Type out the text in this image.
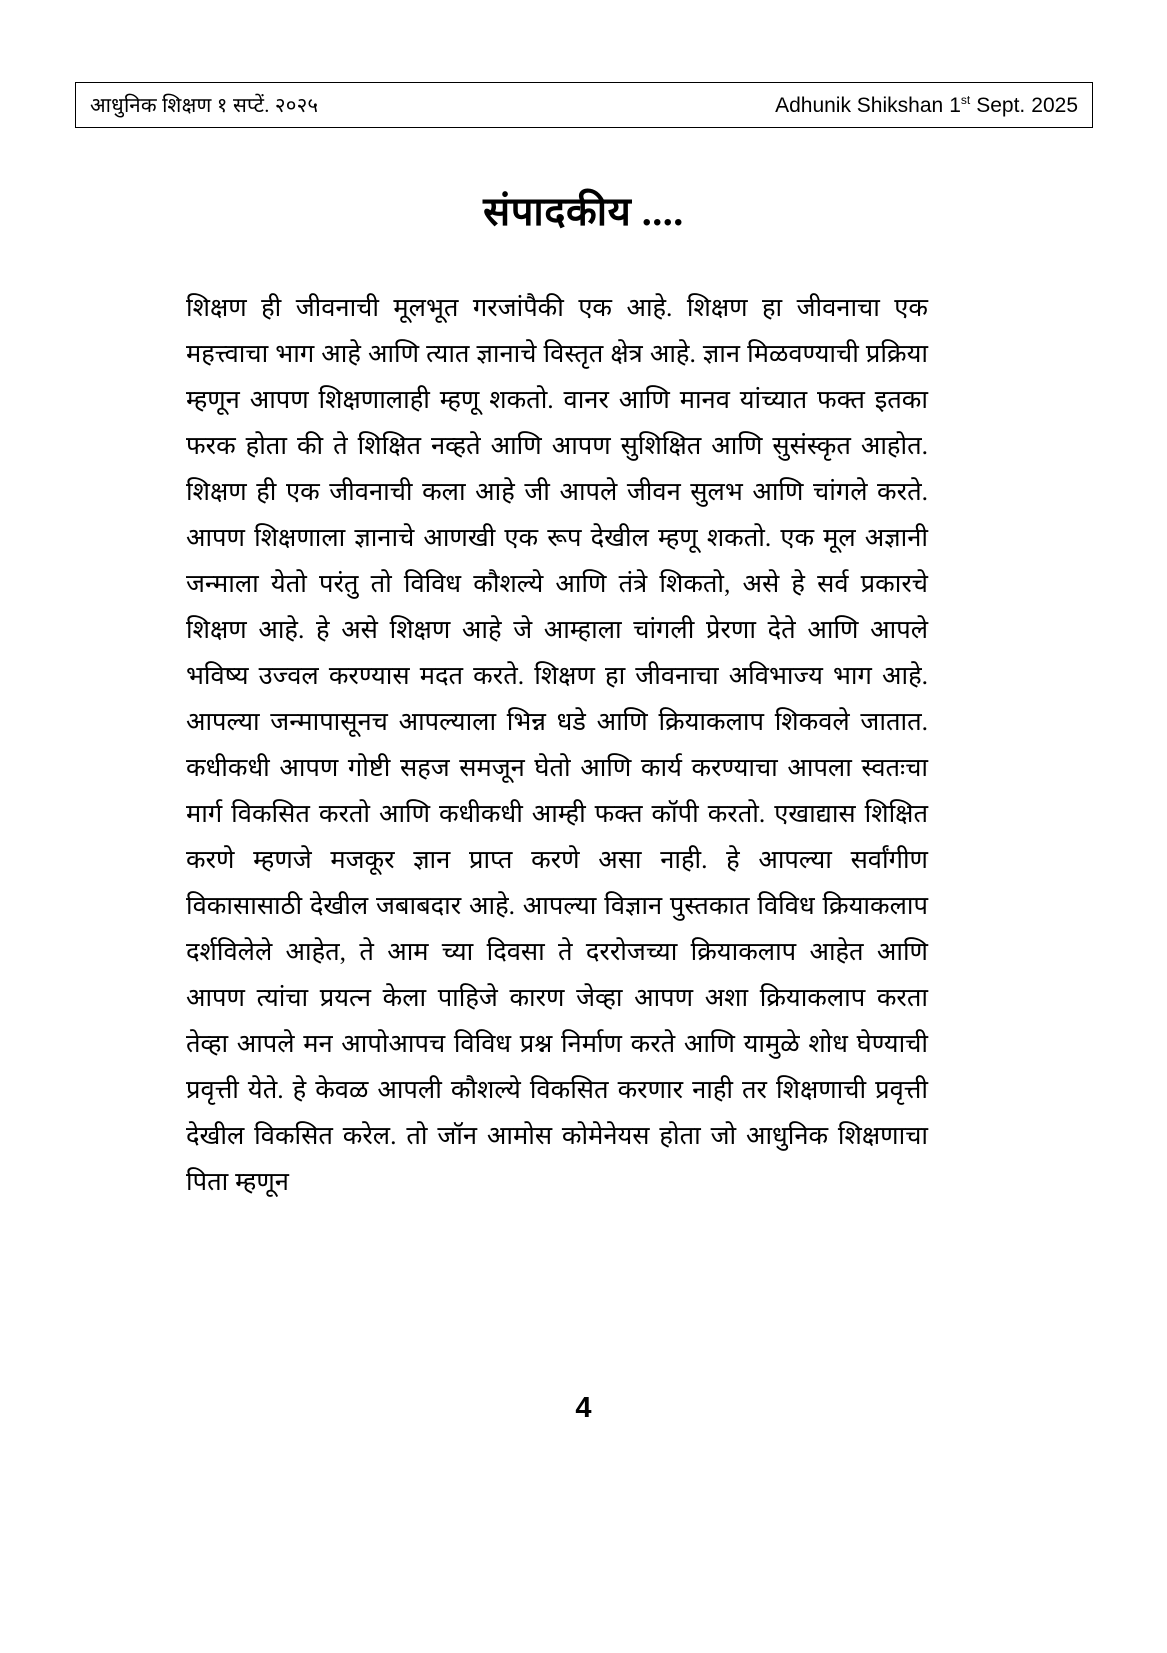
आधुनिक शिक्षण १ सप्टें. २०२५	Adhunik Shikshan 1st Sept. 2025
संपादकीय ....

शिक्षण ही जीवनाची मूलभूत गरजांपैकी एक आहे. शिक्षण हा जीवनाचा एक महत्त्वाचा भाग आहे आणि त्यात ज्ञानाचे विस्तृत क्षेत्र आहे. ज्ञान मिळवण्याची प्रक्रिया म्हणून आपण शिक्षणालाही म्हणू शकतो. वानर आणि मानव यांच्यात फक्त इतका फरक होता की ते शिक्षित नव्हते आणि आपण सुशिक्षित आणि सुसंस्कृत आहोत. शिक्षण ही एक जीवनाची कला आहे जी आपले जीवन सुलभ आणि चांगले करते. आपण शिक्षणाला ज्ञानाचे आणखी एक रूप देखील म्हणू शकतो. एक मूल अज्ञानी जन्माला येतो परंतु तो विविध कौशल्ये आणि तंत्रे शिकतो, असे हे सर्व प्रकारचे शिक्षण आहे. हे असे शिक्षण आहे जे आम्हाला चांगली प्रेरणा देते आणि आपले भविष्य उज्वल करण्यास मदत करते. शिक्षण हा जीवनाचा अविभाज्य भाग आहे. आपल्या जन्मापासूनच आपल्याला भिन्न धडे आणि क्रियाकलाप शिकवले जातात. कधीकधी आपण गोष्टी सहज समजून घेतो आणि कार्य करण्याचा आपला स्वतःचा मार्ग विकसित करतो आणि कधीकधी आम्ही फक्त कॉपी करतो. एखाद्यास शिक्षित करणे म्हणजे मजकूर ज्ञान प्राप्त करणे असा नाही. हे आपल्या सर्वांगीण विकासासाठी देखील जबाबदार आहे. आपल्या विज्ञान पुस्तकात विविध क्रियाकलाप दर्शविलेले आहेत, ते आम च्या दिवसा ते दररोजच्या क्रियाकलाप आहेत आणि आपण त्यांचा प्रयत्न केला पाहिजे कारण जेव्हा आपण अशा क्रियाकलाप करता तेव्हा आपले मन आपोआपच विविध प्रश्न निर्माण करते आणि यामुळे शोध घेण्याची प्रवृत्ती येते. हे केवळ आपली कौशल्ये विकसित करणार नाही तर शिक्षणाची प्रवृत्ती देखील विकसित करेल. तो जॉन आमोस कोमेनेयस होता जो आधुनिक शिक्षणाचा पिता म्हणून

4
